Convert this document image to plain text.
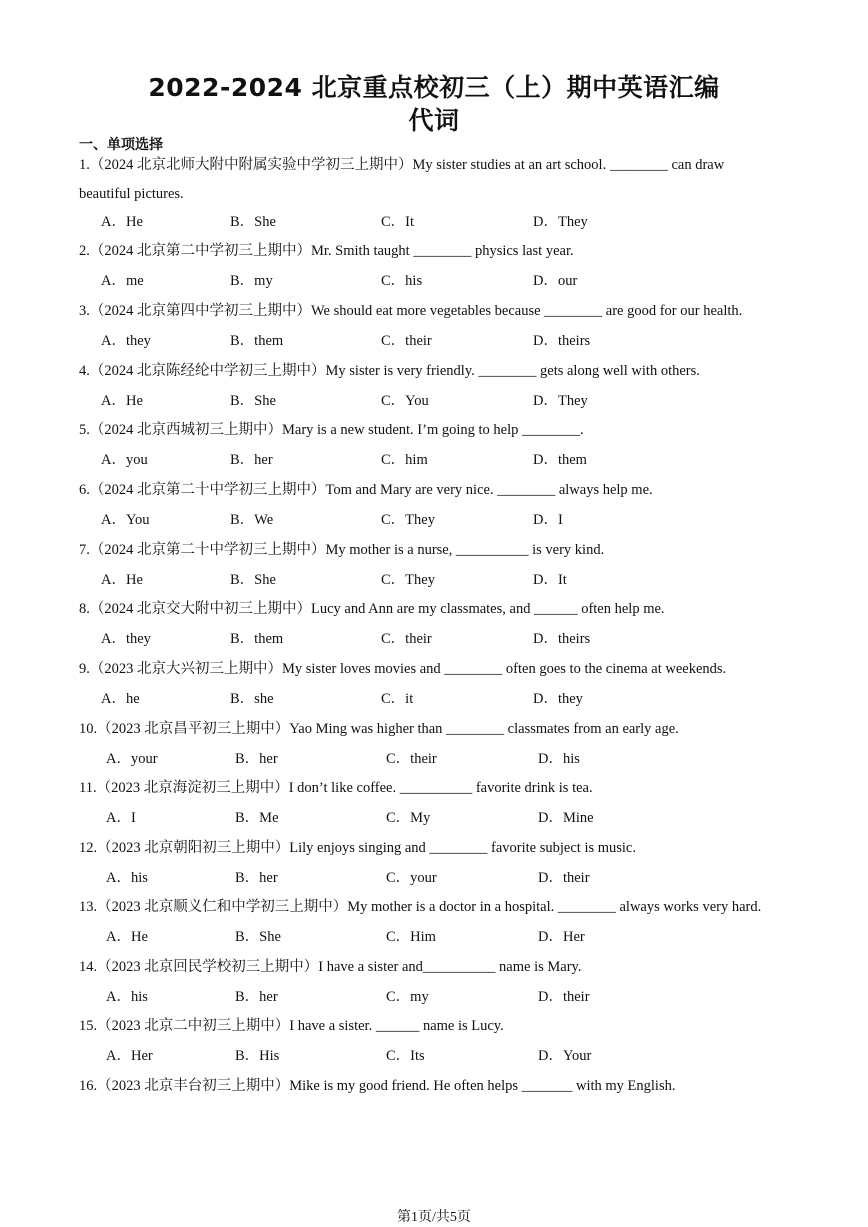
2022-2024 北京重点校初三（上）期中英语汇编
代词
一、单项选择
1.（2024 北京北师大附中附属实验中学初三上期中）My sister studies at an art school. ________ can draw
beautiful pictures.
A．He	B．She	C．It	D．They
2.（2024 北京第二中学初三上期中）Mr. Smith taught ________ physics last year.
A．me	B．my	C．his	D．our
3.（2024 北京第四中学初三上期中）We should eat more vegetables because ________ are good for our health.
A．they	B．them	C．their	D．theirs
4.（2024 北京陈经纶中学初三上期中）My sister is very friendly. ________ gets along well with others.
A．He	B．She	C．You	D．They
5.（2024 北京西城初三上期中）Mary is a new student. I’m going to help ________.
A．you	B．her	C．him	D．them
6.（2024 北京第二十中学初三上期中）Tom and Mary are very nice. ________ always help me.
A．You	B．We	C．They	D．I
7.（2024 北京第二十中学初三上期中）My mother is a nurse, __________ is very kind.
A．He	B．She	C．They	D．It
8.（2024 北京交大附中初三上期中）Lucy and Ann are my classmates, and ______ often help me.
A．they	B．them	C．their	D．theirs
9.（2023 北京大兴初三上期中）My sister loves movies and ________ often goes to the cinema at weekends.
A．he	B．she	C．it	D．they
10.（2023 北京昌平初三上期中）Yao Ming was higher than ________ classmates from an early age.
A．your	B．her	C．their	D．his
11.（2023 北京海淀初三上期中）I don’t like coffee. __________ favorite drink is tea.
A．I	B．Me	C．My	D．Mine
12.（2023 北京朝阳初三上期中）Lily enjoys singing and ________ favorite subject is music.
A．his	B．her	C．your	D．their
13.（2023 北京顺义仁和中学初三上期中）My mother is a doctor in a hospital. ________ always works very hard.
A．He	B．She	C．Him	D．Her
14.（2023 北京回民学校初三上期中）I have a sister and__________ name is Mary.
A．his	B．her	C．my	D．their
15.（2023 北京二中初三上期中）I have a sister. ______ name is Lucy.
A．Her	B．His	C．Its	D．Your
16.（2023 北京丰台初三上期中）Mike is my good friend. He often helps _______ with my English.
第1页/共5页
